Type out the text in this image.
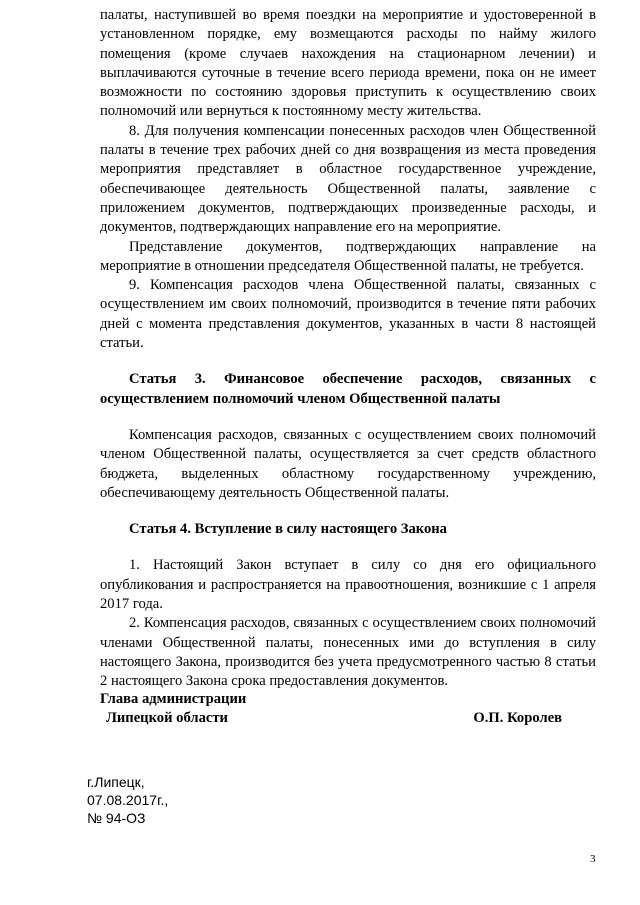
палаты, наступившей во время поездки на мероприятие и удостоверенной в установленном порядке, ему возмещаются расходы по найму жилого помещения (кроме случаев нахождения на стационарном лечении) и выплачиваются суточные в течение всего периода времени, пока он не имеет возможности по состоянию здоровья приступить к осуществлению своих полномочий или вернуться к постоянному месту жительства.

8. Для получения компенсации понесенных расходов член Общественной палаты в течение трех рабочих дней со дня возвращения из места проведения мероприятия представляет в областное государственное учреждение, обеспечивающее деятельность Общественной палаты, заявление с приложением документов, подтверждающих произведенные расходы, и документов, подтверждающих направление его на мероприятие.

Представление документов, подтверждающих направление на мероприятие в отношении председателя Общественной палаты, не требуется.

9. Компенсация расходов члена Общественной палаты, связанных с осуществлением им своих полномочий, производится в течение пяти рабочих дней с момента представления документов, указанных в части 8 настоящей статьи.

Статья 3. Финансовое обеспечение расходов, связанных с осуществлением полномочий членом Общественной палаты

Компенсация расходов, связанных с осуществлением своих полномочий членом Общественной палаты, осуществляется за счет средств областного бюджета, выделенных областному государственному учреждению, обеспечивающему деятельность Общественной палаты.

Статья 4. Вступление в силу настоящего Закона

1. Настоящий Закон вступает в силу со дня его официального опубликования и распространяется на правоотношения, возникшие с 1 апреля 2017 года.

2. Компенсация расходов, связанных с осуществлением своих полномочий членами Общественной палаты, понесенных ими до вступления в силу настоящего Закона, производится без учета предусмотренного частью 8 статьи 2 настоящего Закона срока предоставления документов.

Глава администрации
Липецкой области	О.П. Королев
г.Липецк,
07.08.2017г.,
№ 94-ОЗ
3
